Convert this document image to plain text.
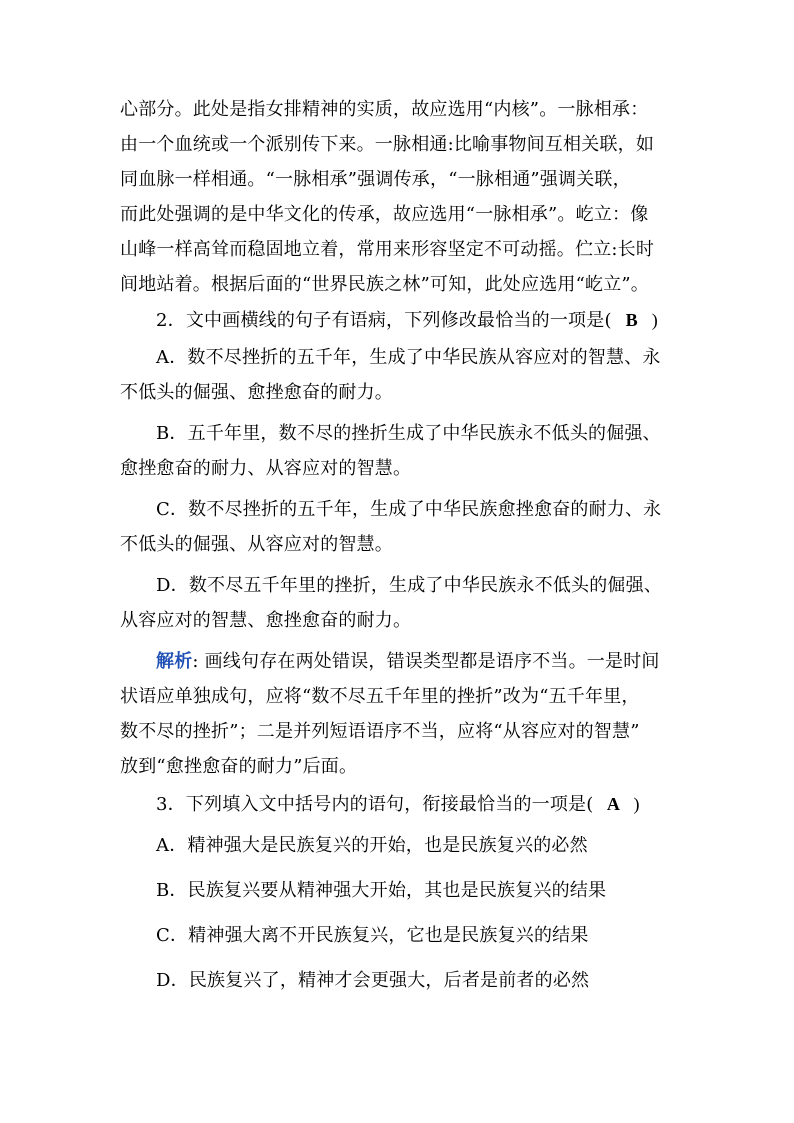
心部分。此处是指女排精神的实质，故应选用“内核”。一脉相承：
由一个血统或一个派别传下来。一脉相通:比喻事物间互相关联，如
同血脉一样相通。“一脉相承”强调传承，“一脉相通”强调关联，
而此处强调的是中华文化的传承，故应选用“一脉相承”。屹立：像
山峰一样高耸而稳固地立着，常用来形容坚定不可动摇。伫立:长时
间地站着。根据后面的“世界民族之林”可知，此处应选用“屹立”。
2．文中画横线的句子有语病，下列修改最恰当的一项是( B )
A．数不尽挫折的五千年，生成了中华民族从容应对的智慧、永
不低头的倔强、愈挫愈奋的耐力。
B．五千年里，数不尽的挫折生成了中华民族永不低头的倔强、
愈挫愈奋的耐力、从容应对的智慧。
C．数不尽挫折的五千年，生成了中华民族愈挫愈奋的耐力、永
不低头的倔强、从容应对的智慧。
D．数不尽五千年里的挫折，生成了中华民族永不低头的倔强、
从容应对的智慧、愈挫愈奋的耐力。
解析: 画线句存在两处错误，错误类型都是语序不当。一是时间
状语应单独成句，应将“数不尽五千年里的挫折”改为“五千年里，
数不尽的挫折”；二是并列短语语序不当，应将“从容应对的智慧”
放到“愈挫愈奋的耐力”后面。
3．下列填入文中括号内的语句，衔接最恰当的一项是( A )
A．精神强大是民族复兴的开始，也是民族复兴的必然
B．民族复兴要从精神强大开始，其也是民族复兴的结果
C．精神强大离不开民族复兴，它也是民族复兴的结果
D．民族复兴了，精神才会更强大，后者是前者的必然
